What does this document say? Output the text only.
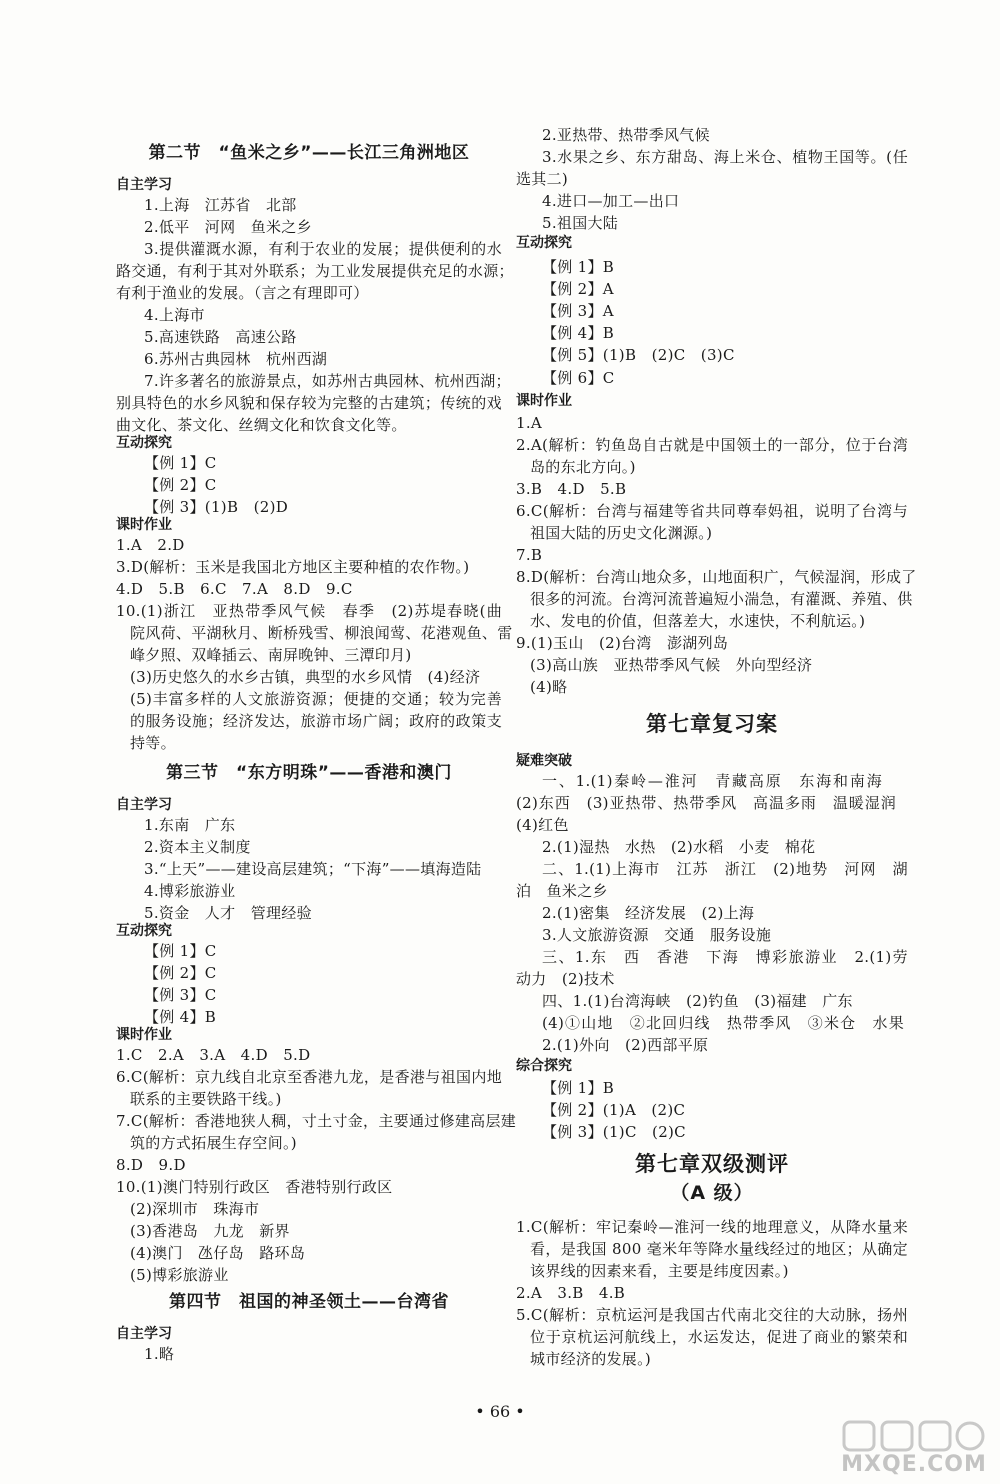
第二节　“鱼米之乡”——长江三角洲地区
自主学习
1.上海　江苏省　北部
2.低平　河网　鱼米之乡
3.提供灌溉水源，有利于农业的发展；提供便利的水
路交通，有利于其对外联系；为工业发展提供充足的水源；
有利于渔业的发展。（言之有理即可）
4.上海市
5.高速铁路　高速公路
6.苏州古典园林　杭州西湖
7.许多著名的旅游景点，如苏州古典园林、杭州西湖；
别具特色的水乡风貌和保存较为完整的古建筑；传统的戏
曲文化、茶文化、丝绸文化和饮食文化等。
互动探究
【例 1】C
【例 2】C
【例 3】(1)B　(2)D
课时作业
1.A　2.D
3.D(解析：玉米是我国北方地区主要种植的农作物。)
4.D　5.B　6.C　7.A　8.D　9.C
10.(1)浙江　亚热带季风气候　春季　(2)苏堤春晓(曲
院风荷、平湖秋月、断桥残雪、柳浪闻莺、花港观鱼、雷
峰夕照、双峰插云、南屏晚钟、三潭印月)
(3)历史悠久的水乡古镇，典型的水乡风情　(4)经济
(5)丰富多样的人文旅游资源；便捷的交通；较为完善
的服务设施；经济发达，旅游市场广阔；政府的政策支
持等。
第三节　“东方明珠”——香港和澳门
自主学习
1.东南　广东
2.资本主义制度
3.“上天”——建设高层建筑；“下海”——填海造陆
4.博彩旅游业
5.资金　人才　管理经验
互动探究
【例 1】C
【例 2】C
【例 3】C
【例 4】B
课时作业
1.C　2.A　3.A　4.D　5.D
6.C(解析：京九线自北京至香港九龙，是香港与祖国内地
联系的主要铁路干线。)
7.C(解析：香港地狭人稠，寸土寸金，主要通过修建高层建
筑的方式拓展生存空间。)
8.D　9.D
10.(1)澳门特别行政区　香港特别行政区
(2)深圳市　珠海市
(3)香港岛　九龙　新界
(4)澳门　氹仔岛　路环岛
(5)博彩旅游业
第四节　祖国的神圣领土——台湾省
自主学习
1.略
2.亚热带、热带季风气候
3.水果之乡、东方甜岛、海上米仓、植物王国等。(任
选其二)
4.进口—加工—出口
5.祖国大陆
互动探究
【例 1】B
【例 2】A
【例 3】A
【例 4】B
【例 5】(1)B　(2)C　(3)C
【例 6】C
课时作业
1.A
2.A(解析：钓鱼岛自古就是中国领土的一部分，位于台湾
岛的东北方向。)
3.B　4.D　5.B
6.C(解析：台湾与福建等省共同尊奉妈祖，说明了台湾与
祖国大陆的历史文化渊源。)
7.B
8.D(解析：台湾山地众多，山地面积广，气候湿润，形成了
很多的河流。台湾河流普遍短小湍急，有灌溉、养殖、供
水、发电的价值，但落差大，水速快，不利航运。)
9.(1)玉山　(2)台湾　澎湖列岛
(3)高山族　亚热带季风气候　外向型经济
(4)略
第七章复习案
疑难突破
一、1.(1)秦岭—淮河　青藏高原　东海和南海
(2)东西　(3)亚热带、热带季风　高温多雨　温暖湿润
(4)红色
2.(1)湿热　水热　(2)水稻　小麦　棉花
二、1.(1)上海市　江苏　浙江　(2)地势　河网　湖
泊　鱼米之乡
2.(1)密集　经济发展　(2)上海
3.人文旅游资源　交通　服务设施
三、1.东　西　香港　下海　博彩旅游业　2.(1)劳
动力　(2)技术
四、1.(1)台湾海峡　(2)钓鱼　(3)福建　广东
(4)①山地　②北回归线　热带季风　③米仓　水果
2.(1)外向　(2)西部平原
综合探究
【例 1】B
【例 2】(1)A　(2)C
【例 3】(1)C　(2)C
第七章双级测评
（A 级）
1.C(解析：牢记秦岭—淮河一线的地理意义，从降水量来
看，是我国 800 毫米年等降水量线经过的地区；从确定
该界线的因素来看，主要是纬度因素。)
2.A　3.B　4.B
5.C(解析：京杭运河是我国古代南北交往的大动脉，扬州
位于京杭运河航线上，水运发达，促进了商业的繁荣和
城市经济的发展。)
• 66 •
MXQE.COM
